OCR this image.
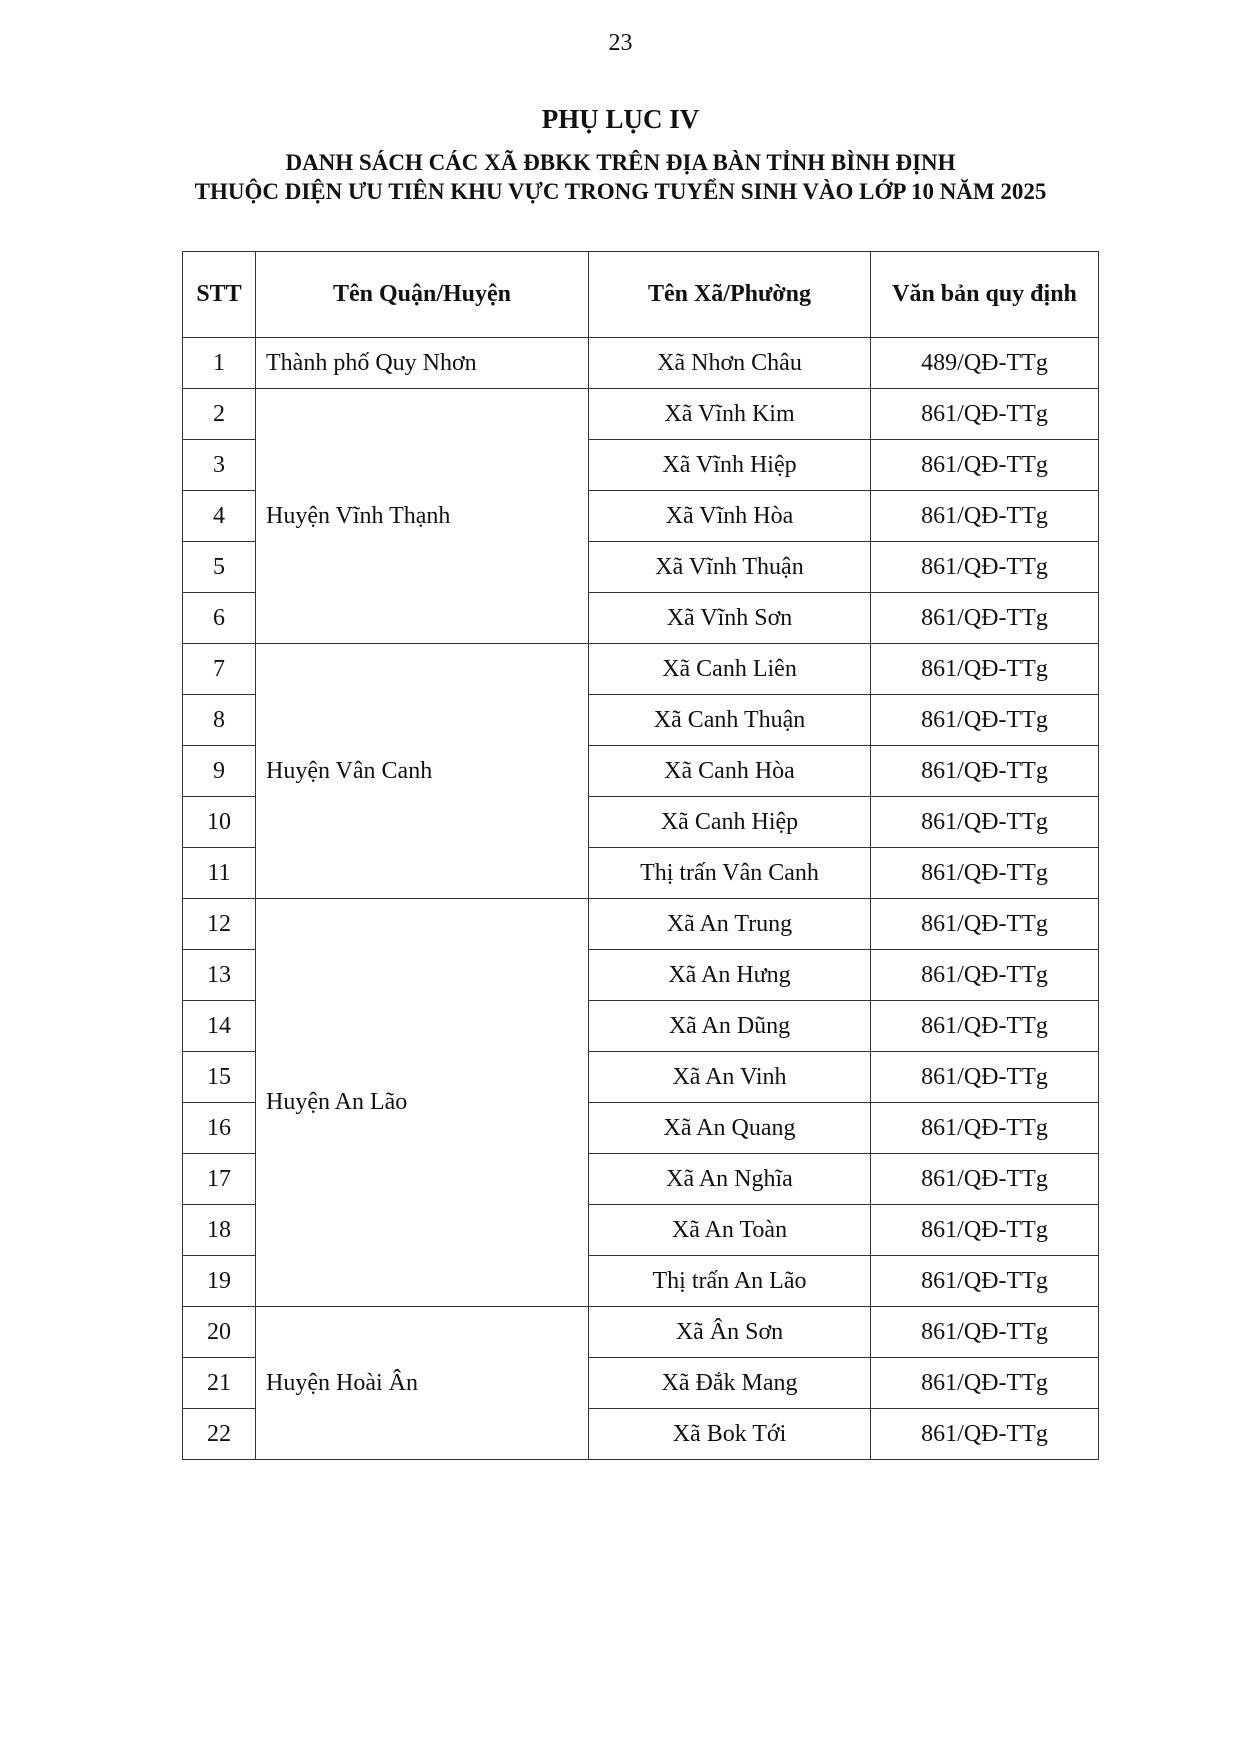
23
PHỤ LỤC IV
DANH SÁCH CÁC XÃ ĐBKK TRÊN ĐỊA BÀN TỈNH BÌNH ĐỊNH
THUỘC DIỆN ƯU TIÊN KHU VỰC TRONG TUYỂN SINH VÀO LỚP 10 NĂM 2025
STT	Tên Quận/Huyện	Tên Xã/Phường	Văn bản quy định
1	Thành phố Quy Nhơn	Xã Nhơn Châu	489/QĐ-TTg
2	Huyện Vĩnh Thạnh	Xã Vĩnh Kim	861/QĐ-TTg
3		Xã Vĩnh Hiệp	861/QĐ-TTg
4		Xã Vĩnh Hòa	861/QĐ-TTg
5		Xã Vĩnh Thuận	861/QĐ-TTg
6		Xã Vĩnh Sơn	861/QĐ-TTg
7	Huyện Vân Canh	Xã Canh Liên	861/QĐ-TTg
8		Xã Canh Thuận	861/QĐ-TTg
9		Xã Canh Hòa	861/QĐ-TTg
10		Xã Canh Hiệp	861/QĐ-TTg
11		Thị trấn Vân Canh	861/QĐ-TTg
12	Huyện An Lão	Xã An Trung	861/QĐ-TTg
13		Xã An Hưng	861/QĐ-TTg
14		Xã An Dũng	861/QĐ-TTg
15		Xã An Vinh	861/QĐ-TTg
16		Xã An Quang	861/QĐ-TTg
17		Xã An Nghĩa	861/QĐ-TTg
18		Xã An Toàn	861/QĐ-TTg
19		Thị trấn An Lão	861/QĐ-TTg
20	Huyện Hoài Ân	Xã Ân Sơn	861/QĐ-TTg
21		Xã Đắk Mang	861/QĐ-TTg
22		Xã Bok Tới	861/QĐ-TTg
